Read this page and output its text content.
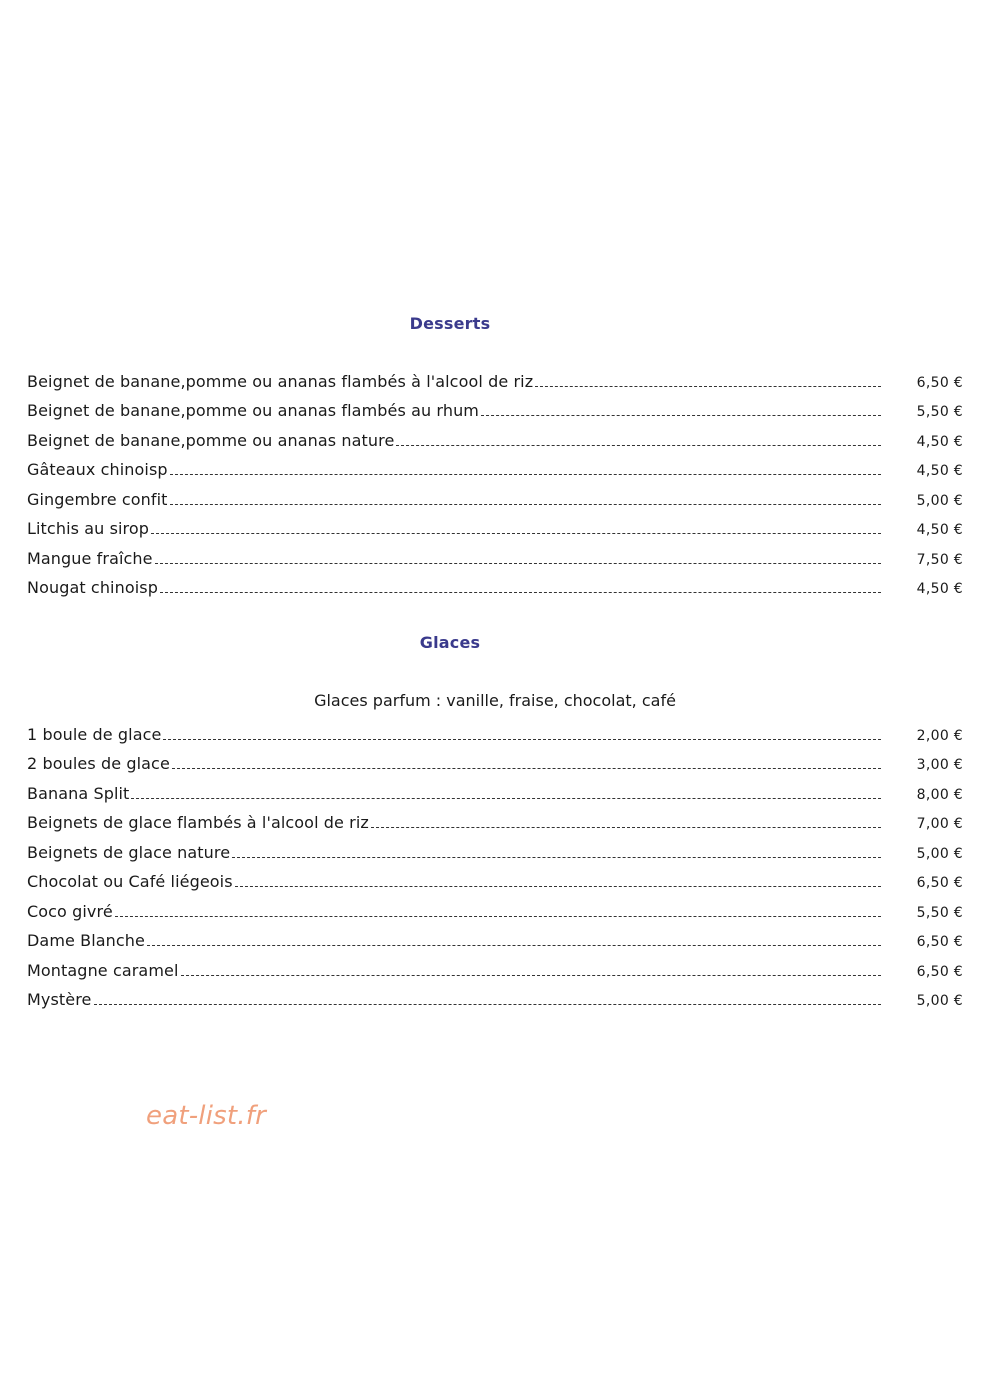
Desserts
Beignet de banane,pomme ou ananas flambés à l'alcool de riz	6,50 €
Beignet de banane,pomme ou ananas flambés au rhum	5,50 €
Beignet de banane,pomme ou ananas nature	4,50 €
Gâteaux chinoisp	4,50 €
Gingembre confit	5,00 €
Litchis au sirop	4,50 €
Mangue fraîche	7,50 €
Nougat chinoisp	4,50 €
Glaces
Glaces parfum : vanille, fraise, chocolat, café
1 boule de glace	2,00 €
2 boules de glace	3,00 €
Banana Split	8,00 €
Beignets de glace flambés à l'alcool de riz	7,00 €
Beignets de glace nature	5,00 €
Chocolat ou Café liégeois	6,50 €
Coco givré	5,50 €
Dame Blanche	6,50 €
Montagne caramel	6,50 €
Mystère	5,00 €
eat-list.fr
